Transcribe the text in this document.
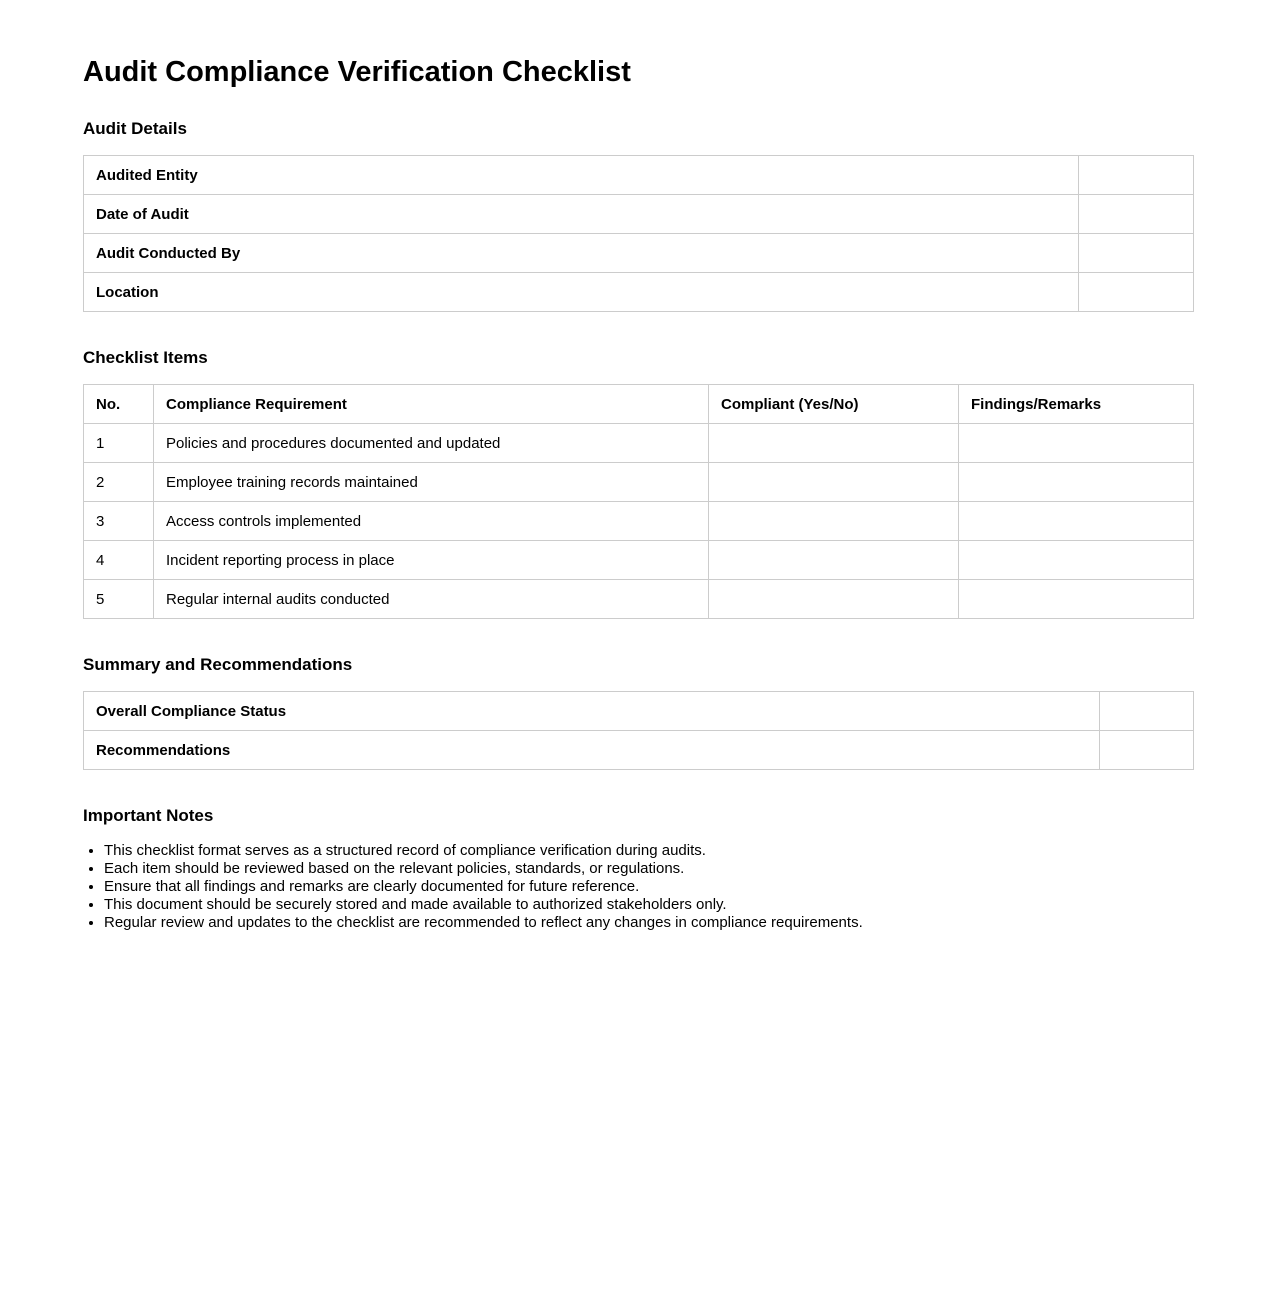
Audit Compliance Verification Checklist
Audit Details
Audited Entity	
Date of Audit	
Audit Conducted By	
Location	
Checklist Items
No.	Compliance Requirement	Compliant (Yes/No)	Findings/Remarks
1	Policies and procedures documented and updated		
2	Employee training records maintained		
3	Access controls implemented		
4	Incident reporting process in place		
5	Regular internal audits conducted		
Summary and Recommendations
Overall Compliance Status	
Recommendations	
Important Notes
• This checklist format serves as a structured record of compliance verification during audits.
• Each item should be reviewed based on the relevant policies, standards, or regulations.
• Ensure that all findings and remarks are clearly documented for future reference.
• This document should be securely stored and made available to authorized stakeholders only.
• Regular review and updates to the checklist are recommended to reflect any changes in compliance requirements.
